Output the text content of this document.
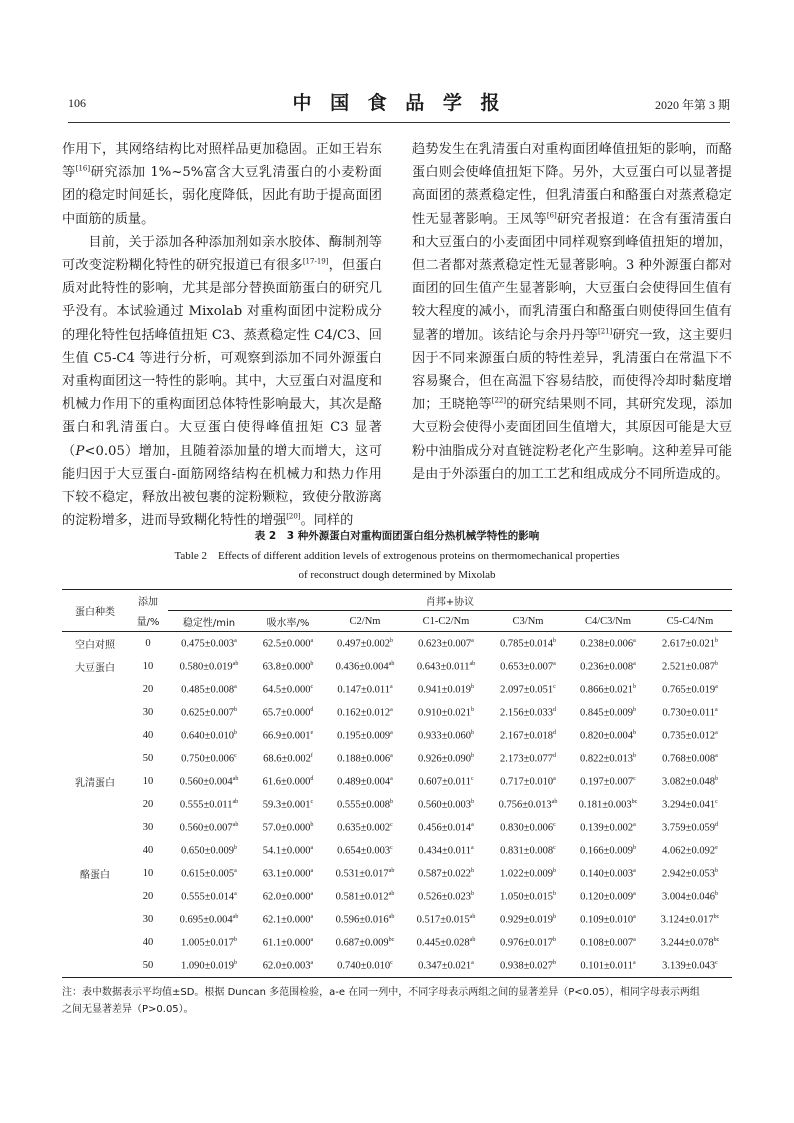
106	中 国 食 品 学 报	2020 年第 3 期

作用下，其网络结构比对照样品更加稳固。正如王岩东等[16]研究添加 1%~5%富含大豆乳清蛋白的小麦粉面团的稳定时间延长，弱化度降低，因此有助于提高面团中面筋的质量。

目前，关于添加各种添加剂如亲水胶体、酶制剂等可改变淀粉糊化特性的研究报道已有很多[17-19]，但蛋白质对此特性的影响，尤其是部分替换面筋蛋白的研究几乎没有。本试验通过 Mixolab 对重构面团中淀粉成分的理化特性包括峰值扭矩 C3、蒸煮稳定性 C4/C3、回生值 C5-C4 等进行分析，可观察到添加不同外源蛋白对重构面团这一特性的影响。其中，大豆蛋白对温度和机械力作用下的重构面团总体特性影响最大，其次是酪蛋白和乳清蛋白。大豆蛋白使得峰值扭矩 C3 显著（P<0.05）增加，且随着添加量的增大而增大，这可能归因于大豆蛋白-面筋网络结构在机械力和热力作用下较不稳定，释放出被包裹的淀粉颗粒，致使分散游离的淀粉增多，进而导致糊化特性的增强[20]。同样的

趋势发生在乳清蛋白对重构面团峰值扭矩的影响，而酪蛋白则会使峰值扭矩下降。另外，大豆蛋白可以显著提高面团的蒸煮稳定性，但乳清蛋白和酪蛋白对蒸煮稳定性无显著影响。王凤等[6]研究者报道：在含有蛋清蛋白和大豆蛋白的小麦面团中同样观察到峰值扭矩的增加，但二者都对蒸煮稳定性无显著影响。3 种外源蛋白都对面团的回生值产生显著影响，大豆蛋白会使得回生值有较大程度的减小，而乳清蛋白和酪蛋白则使得回生值有显著的增加。该结论与余丹丹等[21]研究一致，这主要归因于不同来源蛋白质的特性差异，乳清蛋白在常温下不容易聚合，但在高温下容易结胶，而使得冷却时黏度增加；王晓艳等[22]的研究结果则不同，其研究发现，添加大豆粉会使得小麦面团回生值增大，其原因可能是大豆粉中油脂成分对直链淀粉老化产生影响。这种差异可能是由于外添蛋白的加工工艺和组成成分不同所造成的。

表 2　3 种外源蛋白对重构面团蛋白组分热机械学特性的影响
Table 2　Effects of different addition levels of extrogenous proteins on thermomechanical properties
of reconstruct dough determined by Mixolab
蛋白种类	添加	肖邦+协议						
	量/%	稳定性/min	吸水率/%	C2/Nm	C1-C2/Nm	C3/Nm	C4/C3/Nm	C5-C4/Nm
空白对照	0	0.475±0.003$^a$	62.5±0.000$^a$	0.497±0.002$^b$	0.623±0.007$^a$	0.785±0.014$^b$	0.238±0.006$^a$	2.617±0.021$^b$
大豆蛋白	10	0.580±0.019$^{ab}$	63.8±0.000$^b$	0.436±0.004$^{ab}$	0.643±0.011$^{ab}$	0.653±0.007$^a$	0.236±0.008$^a$	2.521±0.087$^b$
	20	0.485±0.008$^a$	64.5±0.000$^c$	0.147±0.011$^a$	0.941±0.019$^b$	2.097±0.051$^c$	0.866±0.021$^b$	0.765±0.019$^a$
	30	0.625±0.007$^b$	65.7±0.000$^d$	0.162±0.012$^a$	0.910±0.021$^b$	2.156±0.033$^d$	0.845±0.009$^b$	0.730±0.011$^a$
	40	0.640±0.010$^b$	66.9±0.001$^e$	0.195±0.009$^a$	0.933±0.060$^b$	2.167±0.018$^d$	0.820±0.004$^b$	0.735±0.012$^a$
	50	0.750±0.006$^c$	68.6±0.002$^f$	0.188±0.006$^a$	0.926±0.090$^b$	2.173±0.077$^d$	0.822±0.013$^b$	0.768±0.008$^a$
乳清蛋白	10	0.560±0.004$^{ab}$	61.6±0.000$^d$	0.489±0.004$^a$	0.607±0.011$^c$	0.717±0.010$^a$	0.197±0.007$^c$	3.082±0.048$^b$
	20	0.555±0.011$^{ab}$	59.3±0.001$^c$	0.555±0.008$^b$	0.560±0.003$^b$	0.756±0.013$^{ab}$	0.181±0.003$^{bc}$	3.294±0.041$^c$
	30	0.560±0.007$^{ab}$	57.0±0.000$^b$	0.635±0.002$^c$	0.456±0.014$^a$	0.830±0.006$^c$	0.139±0.002$^a$	3.759±0.059$^d$
	40	0.650±0.009$^b$	54.1±0.000$^a$	0.654±0.003$^c$	0.434±0.011$^a$	0.831±0.008$^c$	0.166±0.009$^b$	4.062±0.092$^e$
酪蛋白	10	0.615±0.005$^a$	63.1±0.000$^a$	0.531±0.017$^{ab}$	0.587±0.022$^b$	1.022±0.009$^b$	0.140±0.003$^a$	2.942±0.053$^b$
	20	0.555±0.014$^a$	62.0±0.000$^a$	0.581±0.012$^{ab}$	0.526±0.023$^b$	1.050±0.015$^b$	0.120±0.009$^a$	3.004±0.046$^b$
	30	0.695±0.004$^{ab}$	62.1±0.000$^a$	0.596±0.016$^{ab}$	0.517±0.015$^{ab}$	0.929±0.019$^b$	0.109±0.010$^a$	3.124±0.017$^{bc}$
	40	1.005±0.017$^b$	61.1±0.000$^a$	0.687±0.009$^{bc}$	0.445±0.028$^{ab}$	0.976±0.017$^b$	0.108±0.007$^a$	3.244±0.078$^{bc}$
	50	1.090±0.019$^b$	62.0±0.003$^a$	0.740±0.010$^c$	0.347±0.021$^a$	0.938±0.027$^b$	0.101±0.011$^a$	3.139±0.043$^c$
注：表中数据表示平均值±SD。根据 Duncan 多范围检验，a-e 在同一列中，不同字母表示两组之间的显著差异（P<0.05），相同字母表示两组
之间无显著差异（P>0.05）。
